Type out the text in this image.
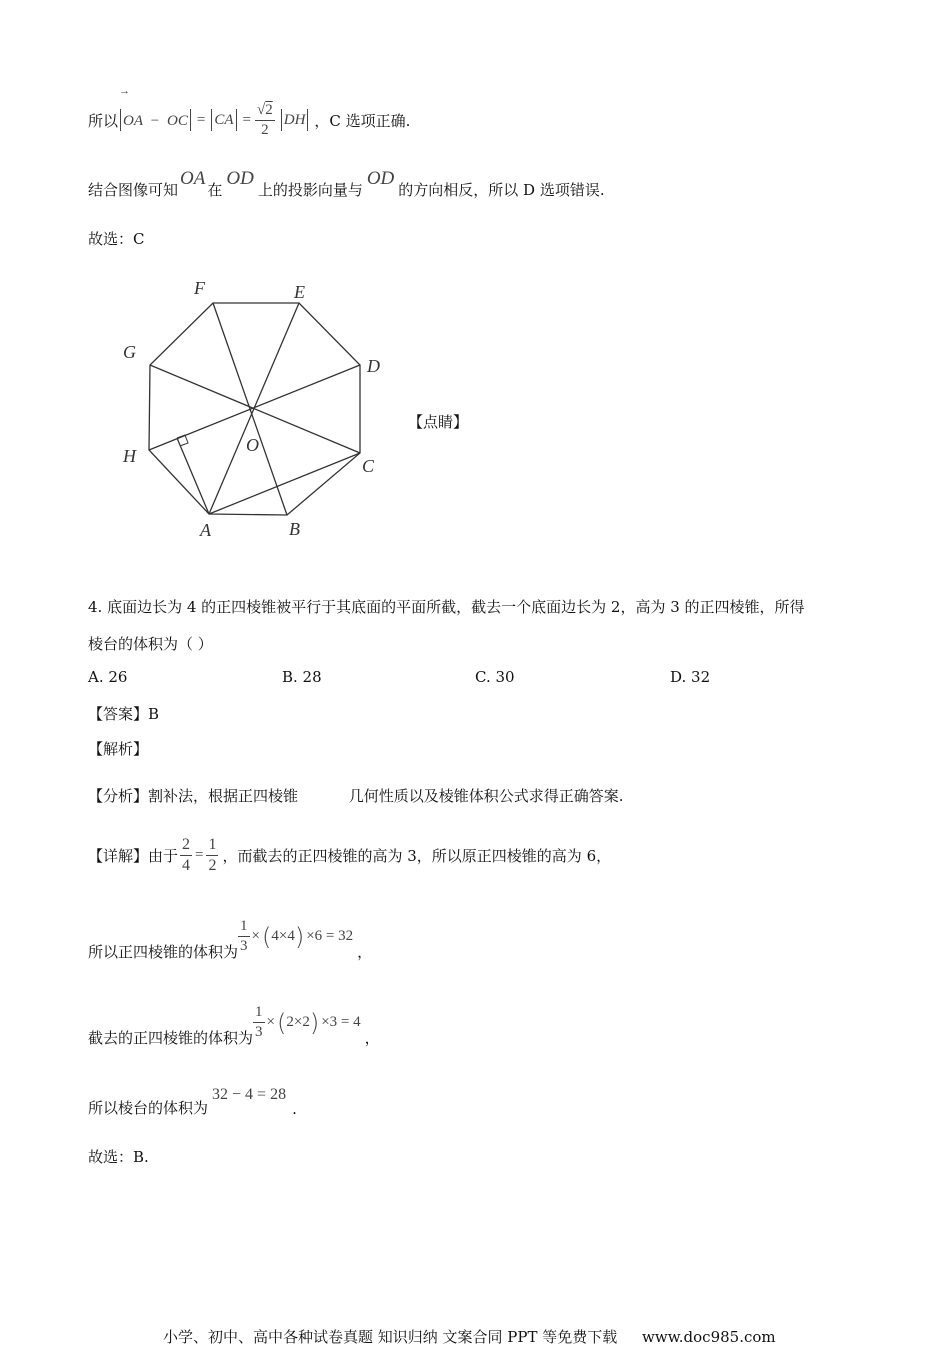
所以
→
OA − OC = CA = $\frac{√2}{2}$ DH ，C 选项正确.
结合图像可知
OA
在
OD
上的投影向量与
OD
的方向相反，所以 D 选项错误.
故选：C
A	B
C
D
E
F
G
H
O
【点睛】
4. 底面边长为 4 的正四棱锥被平行于其底面的平面所截，截去一个底面边长为 2，高为 3 的正四棱锥，所得
棱台的体积为（ ）
A. 26	B. 28	C. 30	D. 32
【答案】B
【解析】
【分析】割补法，根据正四棱锥	几何性质以及棱锥体积公式求得正确答案.
【详解】由于 $\frac{2}{4} = \frac{1}{2}$ ，而截去的正四棱锥的高为 3，所以原正四棱锥的高为 6，
所以正四棱锥的体积为 $\frac{1}{3}$ × ( 4×4 ) ×6 = 32
，
截去的正四棱锥的体积为 $\frac{1}{3}$ × ( 2×2 ) ×3 = 4
，
所以棱台的体积为
32 − 4 = 28
.
故选：B.
小学、初中、高中各种试卷真题 知识归纳 文案合同 PPT 等免费下载 www.doc985.com
